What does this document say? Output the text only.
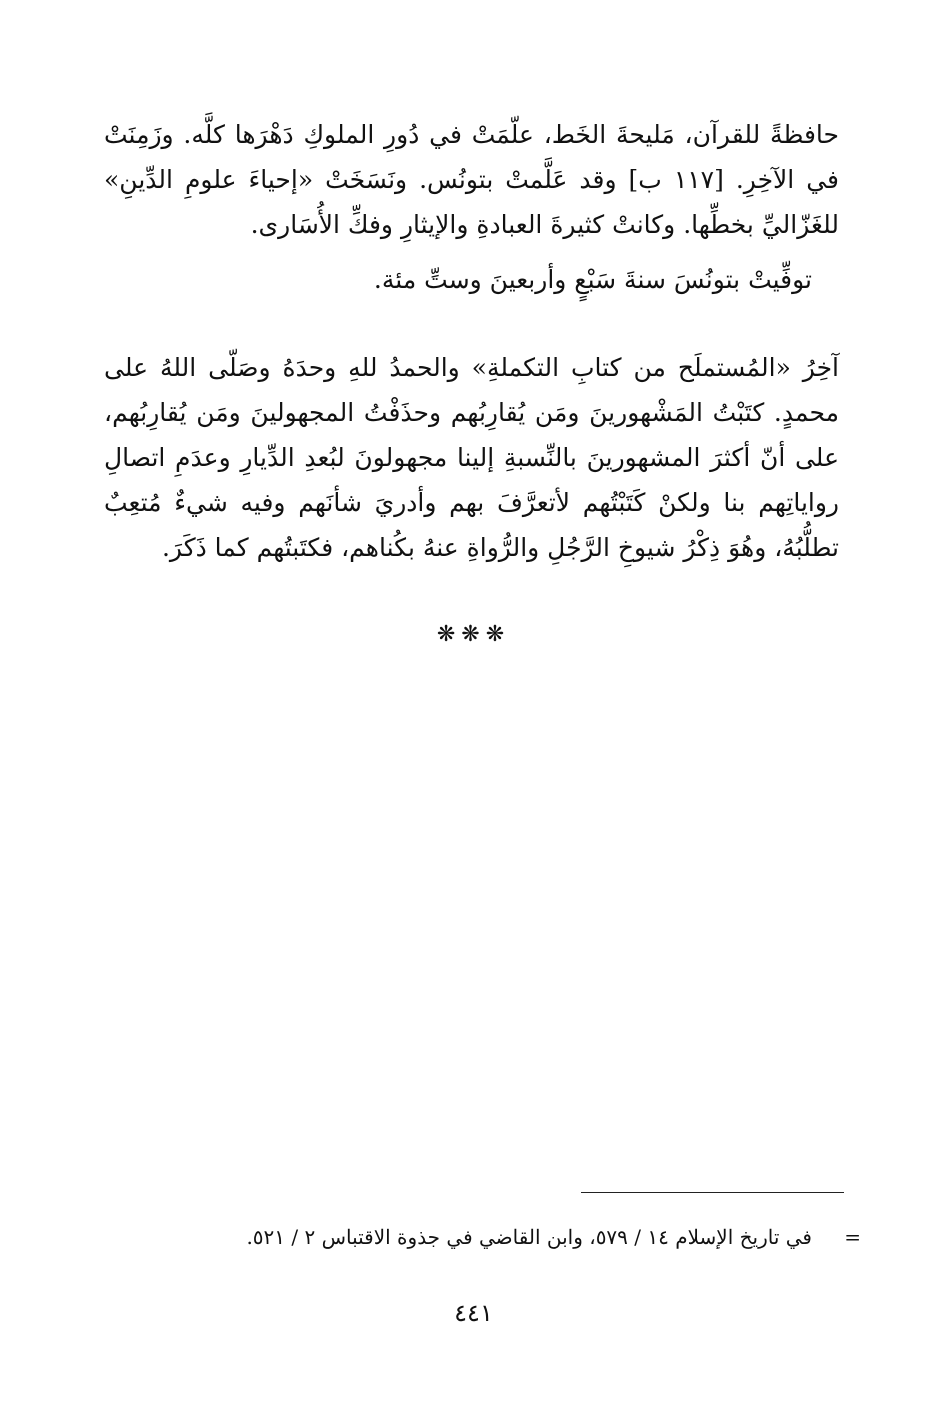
حافظةً للقرآن، مَليحةَ الخَط، علّمَتْ في دُورِ الملوكِ دَهْرَها كلَّه. وزَمِنَتْ في الآخِرِ. [١١٧ ب] وقد عَلَّمتْ بتونُس. ونَسَخَتْ «إحياءَ علومِ الدِّينِ» للغَزّاليِّ بخطِّها. وكانتْ كثيرةَ العبادةِ والإيثارِ وفكِّ الأُسَارى.

توفِّيتْ بتونُسَ سنةَ سَبْعٍ وأربعينَ وستِّ مئة.

آخِرُ «المُستملَح من كتابِ التكملةِ» والحمدُ للهِ وحدَهُ وصَلّى اللهُ على محمدٍ. كتَبْتُ المَشْهورينَ ومَن يُقارِبُهم وحذَفْتُ المجهولينَ ومَن يُقارِبُهم، على أنّ أكثرَ المشهورينَ بالنِّسبةِ إلينا مجهولونَ لبُعدِ الدِّيارِ وعدَمِ اتصالِ رواياتِهم بنا ولكنْ كَتَبْتُهم لأتعرَّفَ بهم وأدريَ شأنَهم وفيه شيءٌ مُتعِبٌ تطلُّبُهُ، وهُوَ ذِكْرُ شيوخِ الرَّجُلِ والرُّواةِ عنهُ بكُناهم، فكتَبتُهم كما ذَكَرَ.

❋❋❋
=
في تاريخ الإسلام ١٤ / ٥٧٩، وابن القاضي في جذوة الاقتباس ٢ / ٥٢١.
٤٤١
